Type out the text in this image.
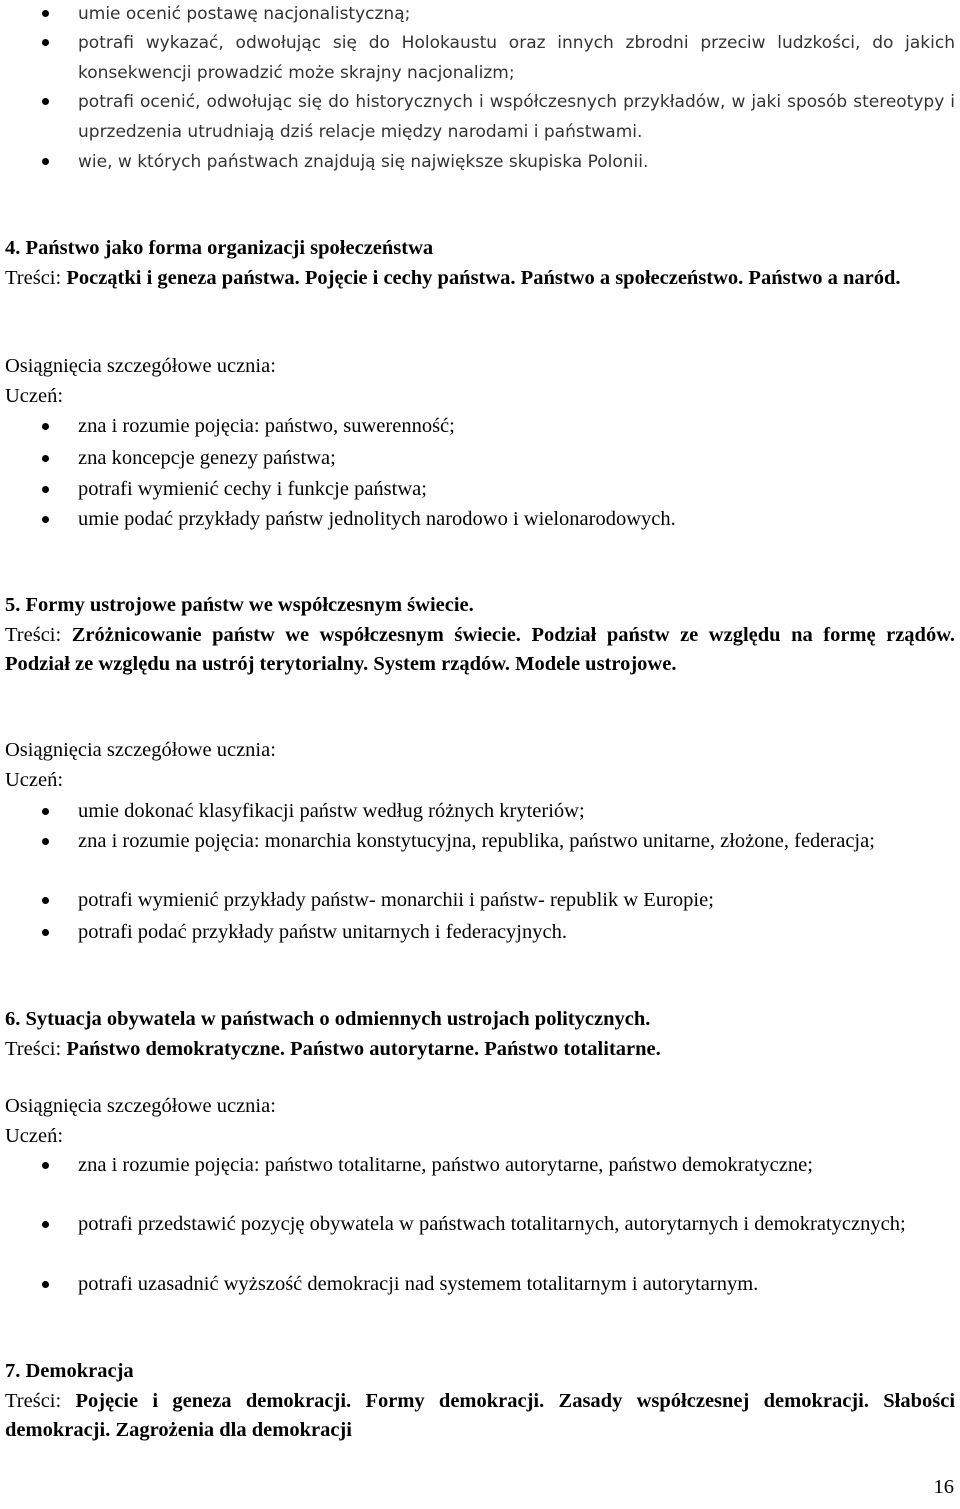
umie ocenić postawę nacjonalistyczną;
potrafi wykazać, odwołując się do Holokaustu oraz innych zbrodni przeciw ludzkości, do jakich konsekwencji prowadzić może skrajny nacjonalizm;
potrafi ocenić, odwołując się do historycznych i współczesnych przykładów, w jaki sposób stereotypy i uprzedzenia utrudniają dziś relacje między narodami i państwami.
wie, w których państwach znajdują się największe skupiska Polonii.
4. Państwo jako forma organizacji społeczeństwa
Treści: Początki i geneza państwa. Pojęcie i cechy państwa. Państwo a społeczeństwo. Państwo a naród.
Osiągnięcia szczegółowe ucznia:
Uczeń:
zna i rozumie pojęcia: państwo, suwerenność;
zna koncepcje genezy państwa;
potrafi wymienić cechy i funkcje państwa;
umie podać przykłady państw jednolitych narodowo i wielonarodowych.
5. Formy ustrojowe państw we współczesnym świecie.
Treści: Zróżnicowanie państw we współczesnym świecie. Podział państw ze względu na formę rządów. Podział ze względu na ustrój terytorialny. System rządów. Modele ustrojowe.
Osiągnięcia szczegółowe ucznia:
Uczeń:
umie dokonać klasyfikacji państw według różnych kryteriów;
zna i rozumie pojęcia: monarchia konstytucyjna, republika, państwo unitarne, złożone, federacja;
potrafi wymienić przykłady państw- monarchii i państw- republik w Europie;
potrafi podać przykłady państw unitarnych i federacyjnych.
6. Sytuacja obywatela w państwach o odmiennych ustrojach politycznych.
Treści: Państwo demokratyczne. Państwo autorytarne. Państwo totalitarne.
Osiągnięcia szczegółowe ucznia:
Uczeń:
zna i rozumie pojęcia: państwo totalitarne, państwo autorytarne, państwo demokratyczne;
potrafi przedstawić pozycję obywatela w państwach totalitarnych, autorytarnych i demokratycznych;
potrafi uzasadnić wyższość demokracji nad systemem totalitarnym i autorytarnym.
7. Demokracja
Treści: Pojęcie i geneza demokracji. Formy demokracji. Zasady współczesnej demokracji. Słabości demokracji. Zagrożenia dla demokracji
16
